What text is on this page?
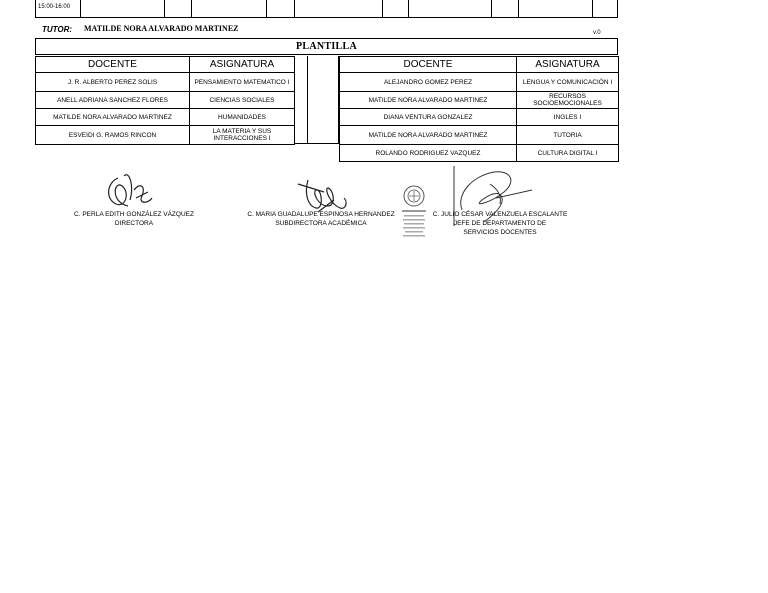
15:00-16:00
TUTOR: MATILDE NORA ALVARADO MARTINEZ	v.0
PLANTILLA
DOCENTE	ASIGNATURA
J. R. ALBERTO PEREZ SOLIS	PENSAMIENTO MATEMATICO I
ANELL ADRIANA SANCHEZ FLORES	CIENCIAS SOCIALES
MATILDE NORA ALVARADO MARTINEZ	HUMANIDADES
ESVEIDI G. RAMOS RINCON	LA MATERIA Y SUS INTERACCIONES I
DOCENTE	ASIGNATURA
ALEJANDRO GOMEZ PEREZ	LENGUA Y COMUNICACIÓN I
MATILDE NORA ALVARADO MARTINEZ	RECURSOS SOCIOEMOCIONALES
DIANA VENTURA GONZALEZ	INGLES I
MATILDE NORA ALVARADO MARTINEZ	TUTORIA
ROLANDO RODRIGUEZ VAZQUEZ	CULTURA DIGITAL I
C. PERLA EDITH GONZÁLEZ VÁZQUEZ
DIRECTORA
C. MARIA GUADALUPE ESPINOSA HERNANDEZ
SUBDIRECTORA ACADÉMICA
C. JULIO CÉSAR VALENZUELA ESCALANTE
JEFE DE DEPARTAMENTO DE
SERVICIOS DOCENTES
